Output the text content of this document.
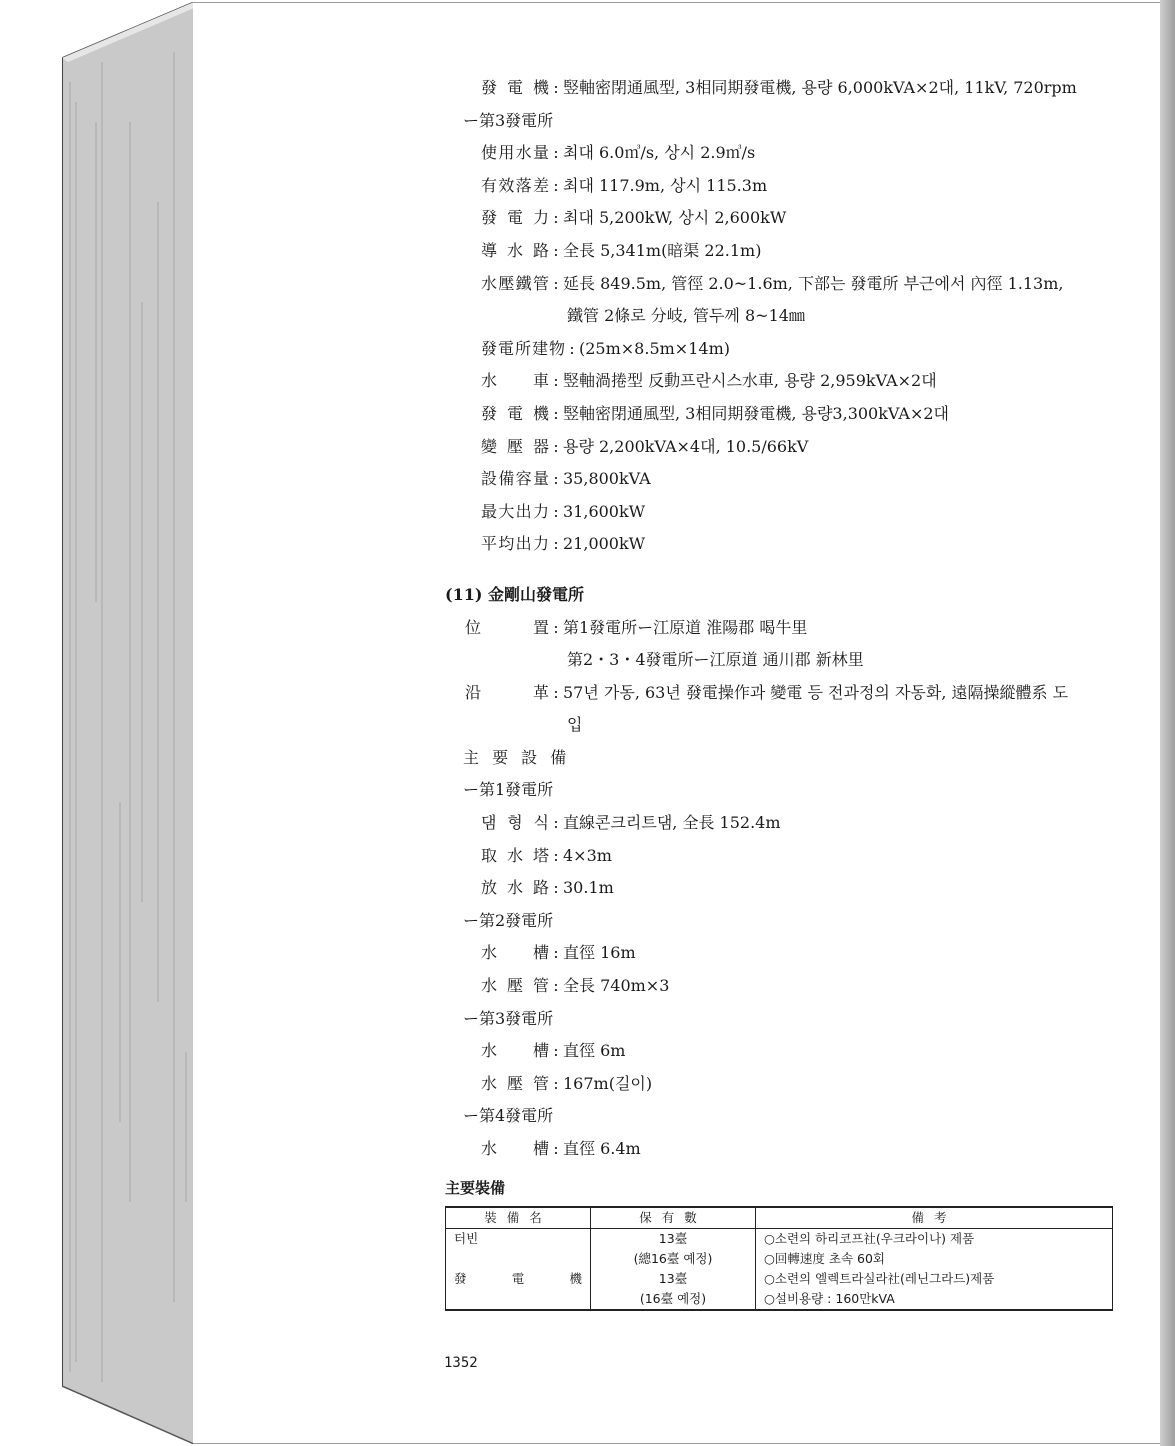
發 電 機 : 竪軸密閉通風型, 3相同期發電機, 용량 6,000kVA×2대, 11kV, 720rpm
ー第3發電所
使用水量 : 최대 6.0㎥/s, 상시 2.9㎥/s
有效落差 : 최대 117.9m, 상시 115.3m
發 電 力 : 최대 5,200kW, 상시 2,600kW
導 水 路 : 全長 5,341m(暗渠 22.1m)
水壓鐵管 : 延長 849.5m, 管徑 2.0~1.6m, 下部는 發電所 부근에서 內徑 1.13m,
鐵管 2條로 分岐, 管두께 8~14㎜
發電所建物 : (25m×8.5m×14m)
水 車 : 竪軸渦捲型 反動프란시스水車, 용량 2,959kVA×2대
發 電 機 : 竪軸密閉通風型, 3相同期發電機, 용량3,300kVA×2대
變 壓 器 : 용량 2,200kVA×4대, 10.5/66kV
設備容量 : 35,800kVA
最大出力 : 31,600kW
平均出力 : 21,000kW
(11) 金剛山發電所
位 置 : 第1發電所ー江原道 淮陽郡 喝牛里
第2・3・4發電所ー江原道 通川郡 新林里
沿 革 : 57년 가동, 63년 發電操作과 變電 등 전과정의 자동화, 遠隔操縱體系 도
입
主 要 設 備
ー第1發電所
댐 형 식 : 直線콘크리트댐, 全長 152.4m
取 水 塔 : 4×3m
放 水 路 : 30.1m
ー第2發電所
水 槽 : 直徑 16m
水 壓 管 : 全長 740m×3
ー第3發電所
水 槽 : 直徑 6m
水 壓 管 : 167m(길이)
ー第4發電所
水 槽 : 直徑 6.4m
主要裝備
裝備名	保有數	備考
터빈	13臺	○소련의 하리코프社(우크라이나) 제품
	(總16臺 예정)	○回轉速度 초속 60회
發電機	13臺	○소련의 엘렉트라실라社(레닌그라드)제품
	(16臺 예정)	○설비용량 : 160만kVA
1352
